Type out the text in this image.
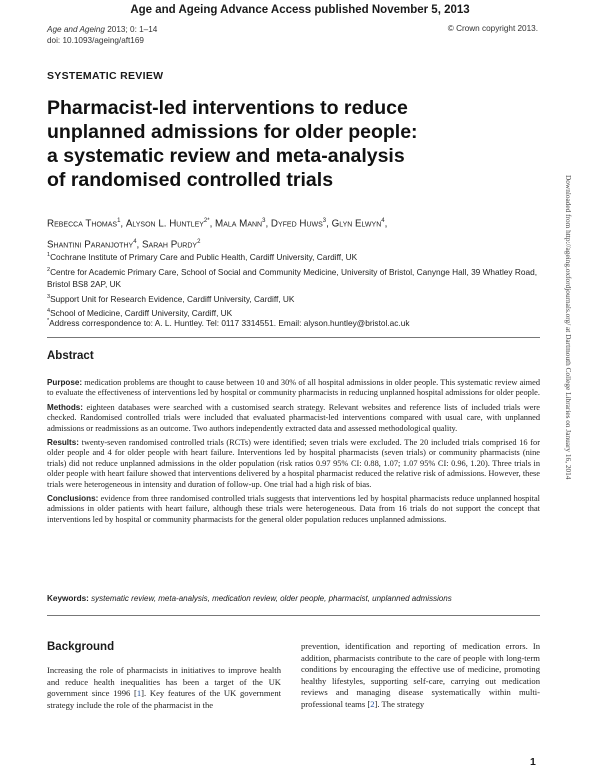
Age and Ageing Advance Access published November 5, 2013
Age and Ageing 2013; 0: 1–14
doi: 10.1093/ageing/aft169
© Crown copyright 2013.
SYSTEMATIC REVIEW
Pharmacist-led interventions to reduce
unplanned admissions for older people:
a systematic review and meta-analysis
of randomised controlled trials
Rebecca Thomas$^1$, Alyson L. Huntley$^{2*}$, Mala Mann$^3$, Dyfed Huws$^3$, Glyn Elwyn$^4$,
Shantini Paranjothy$^4$, Sarah Purdy$^2$
$^1$Cochrane Institute of Primary Care and Public Health, Cardiff University, Cardiff, UK
$^2$Centre for Academic Primary Care, School of Social and Community Medicine, University of Bristol, Canynge Hall, 39 Whatley Road, Bristol BS8 2AP, UK
$^3$Support Unit for Research Evidence, Cardiff University, Cardiff, UK
$^4$School of Medicine, Cardiff University, Cardiff, UK
*Address correspondence to: A. L. Huntley. Tel: 0117 3314551. Email: alyson.huntley@bristol.ac.uk
Abstract

Purpose: medication problems are thought to cause between 10 and 30% of all hospital admissions in older people. This systematic review aimed to evaluate the effectiveness of interventions led by hospital or community pharmacists in reducing unplanned hospital admissions for older people.

Methods: eighteen databases were searched with a customised search strategy. Relevant websites and reference lists of included trials were checked. Randomised controlled trials were included that evaluated pharmacist-led interventions compared with usual care, with unplanned admissions or readmissions as an outcome. Two authors independently extracted data and assessed methodological quality.

Results: twenty-seven randomised controlled trials (RCTs) were identified; seven trials were excluded. The 20 included trials comprised 16 for older people and 4 for older people with heart failure. Interventions led by hospital pharmacists (seven trials) or community pharmacists (nine trials) did not reduce unplanned admissions in the older population (risk ratios 0.97 95% CI: 0.88, 1.07; 1.07 95% CI: 0.96, 1.20). Three trials in older people with heart failure showed that interventions delivered by a hospital pharmacist reduced the relative risk of admissions. However, these trials were heterogeneous in intensity and duration of follow-up. One trial had a high risk of bias.

Conclusions: evidence from three randomised controlled trials suggests that interventions led by hospital pharmacists reduce unplanned hospital admissions in older patients with heart failure, although these trials were heterogeneous. Data from 16 trials do not support the concept that interventions led by hospital or community pharmacists for the general older population reduces unplanned admissions.

Keywords: systematic review, meta-analysis, medication review, older people, pharmacist, unplanned admissions
Background
Increasing the role of pharmacists in initiatives to improve health and reduce health inequalities has been a target of the UK government since 1996 [1]. Key features of the UK government strategy include the role of the pharmacist in the
prevention, identification and reporting of medication errors. In addition, pharmacists contribute to the care of people with long-term conditions by encouraging the effective use of medicine, promoting healthy lifestyles, supporting self-care, carrying out medication reviews and managing disease systematically within multi-professional teams [2]. The strategy
1
Downloaded from http://ageing.oxfordjournals.org/ at Dartmouth College Libraries on January 16, 2014
